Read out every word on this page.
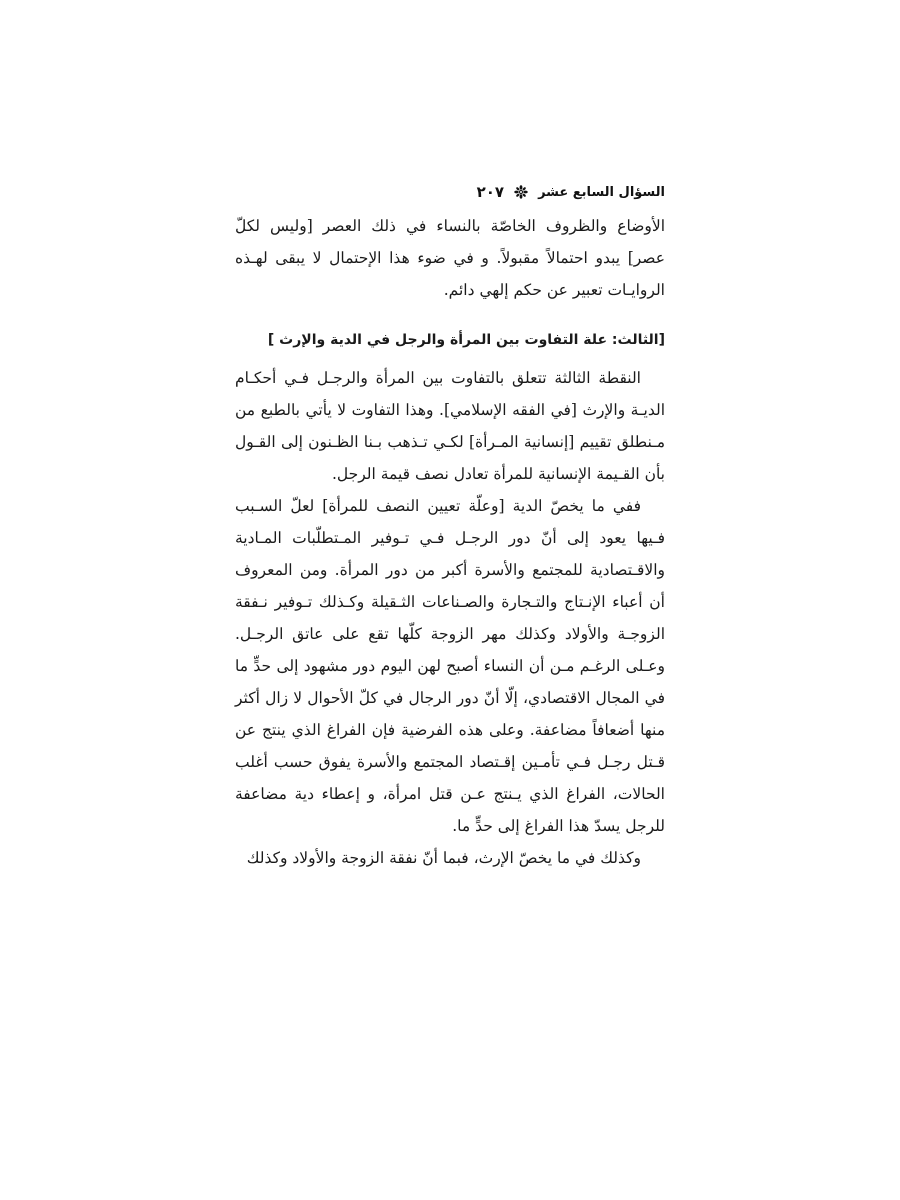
السؤال السابع عشر
٢٠٧

الأوضاع والظروف الخاصّة بالنساء في ذلك العصر [وليس لكلّ عصر] يبدو احتمالاً مقبولاً. و في ضوء هذا الإحتمال لا يبقى لهـذه الروايـات تعبير عن حكم إلهي دائم.

[الثالث: علة التفاوت بين المرأة والرجل في الدية والإرث ]

النقطة الثالثة تتعلق بالتفاوت بين المرأة والرجـل فـي أحكـام الديـة والإرث [في الفقه الإسلامي]. وهذا التفاوت لا يأتي بالطبع من مـنطلق تقييم [إنسانية المـرأة] لكـي تـذهب بـنا الظـنون إلى القـول بأن القـيمة الإنسانية للمرأة تعادل نصف قيمة الرجل.

ففي ما يخصّ الدية [وعلّة تعيين النصف للمرأة] لعلّ السـبب فـيها يعود إلى أنّ دور الرجـل فـي تـوفير المـتطلّبات المـادية والاقـتصادية للمجتمع والأسرة أكبر من دور المرأة. ومن المعروف أن أعباء الإنـتاج والتـجارة والصـناعات الثـقيلة وكـذلك تـوفير نـفقة الزوجـة والأولاد وكذلك مهر الزوجة كلّها تقع على عاتق الرجـل. وعـلى الرغـم مـن أن النساء أصبح لهن اليوم دور مشهود إلى حدٍّ ما في المجال الاقتصادي، إلّا أنّ دور الرجال في كلّ الأحوال لا زال أكثر منها أضعافاً مضاعفة. وعلى هذه الفرضية فإن الفراغ الذي ينتج عن قـتل رجـل فـي تأمـين إقـتصاد المجتمع والأسرة يفوق حسب أغلب الحالات، الفراغ الذي يـنتج عـن قتل امرأة، و إعطاء دية مضاعفة للرجل يسدّ هذا الفراغ إلى حدٍّ ما.

وكذلك في ما يخصّ الإرث، فبما أنّ نفقة الزوجة والأولاد وكذلك
